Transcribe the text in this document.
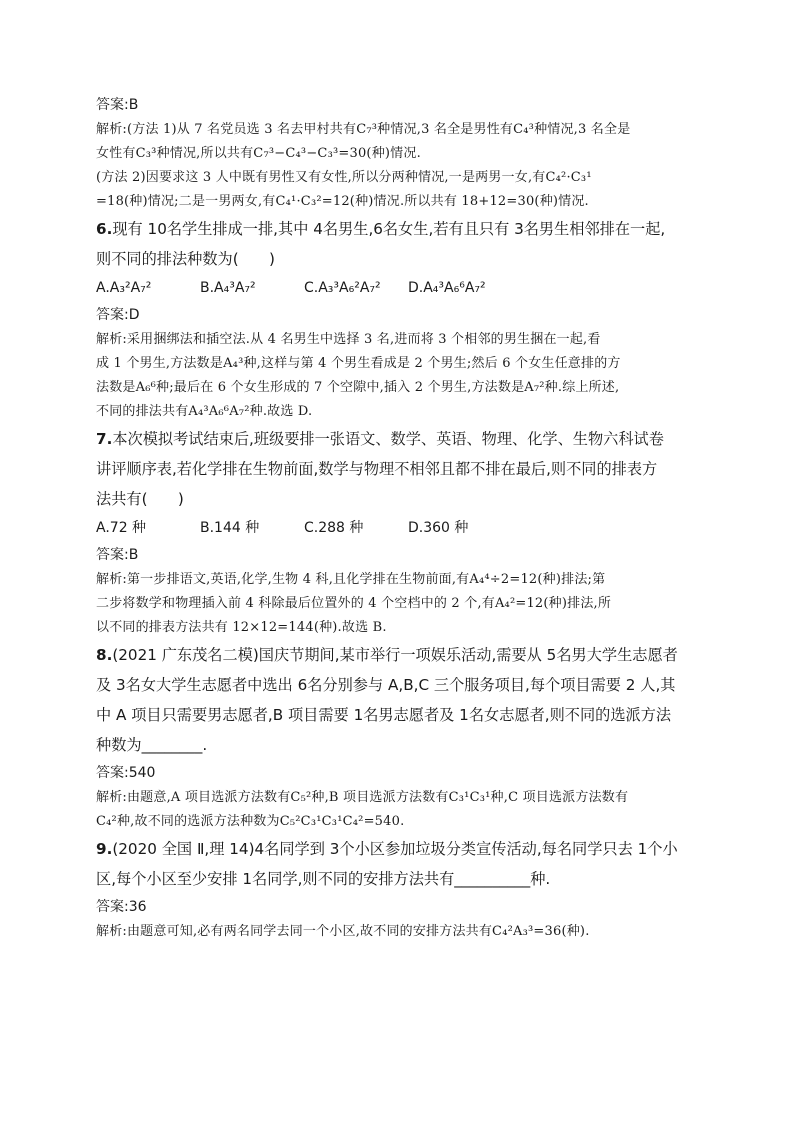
答案:B
解析:(方法 1)从 7 名党员选 3 名去甲村共有C₇³种情况,3 名全是男性有C₄³种情况,3 名全是
女性有C₃³种情况,所以共有C₇³−C₄³−C₃³=30(种)情况.
(方法 2)因要求这 3 人中既有男性又有女性,所以分两种情况,一是两男一女,有C₄²·C₃¹
=18(种)情况;二是一男两女,有C₄¹·C₃²=12(种)情况.所以共有 18+12=30(种)情况.
6.现有 10名学生排成一排,其中 4名男生,6名女生,若有且只有 3名男生相邻排在一起,
则不同的排法种数为(　　)
A.A₃²A₇²	B.A₄³A₇²	C.A₃³A₆²A₇² D.A₄³A₆⁶A₇²
答案:D
解析:采用捆绑法和插空法.从 4 名男生中选择 3 名,进而将 3 个相邻的男生捆在一起,看
成 1 个男生,方法数是A₄³种,这样与第 4 个男生看成是 2 个男生;然后 6 个女生任意排的方
法数是A₆⁶种;最后在 6 个女生形成的 7 个空隙中,插入 2 个男生,方法数是A₇²种.综上所述,
不同的排法共有A₄³A₆⁶A₇²种.故选 D.
7.本次模拟考试结束后,班级要排一张语文、数学、英语、物理、化学、生物六科试卷
讲评顺序表,若化学排在生物前面,数学与物理不相邻且都不排在最后,则不同的排表方
法共有(　　)
A.72 种	B.144 种	C.288 种	D.360 种
答案:B
解析:第一步排语文,英语,化学,生物 4 科,且化学排在生物前面,有A₄⁴÷2=12(种)排法;第
二步将数学和物理插入前 4 科除最后位置外的 4 个空档中的 2 个,有A₄²=12(种)排法,所
以不同的排表方法共有 12×12=144(种).故选 B.
8.(2021 广东茂名二模)国庆节期间,某市举行一项娱乐活动,需要从 5名男大学生志愿者
及 3名女大学生志愿者中选出 6名分别参与 A,B,C 三个服务项目,每个项目需要 2 人,其
中 A 项目只需要男志愿者,B 项目需要 1名男志愿者及 1名女志愿者,则不同的选派方法
种数为________.
答案:540
解析:由题意,A 项目选派方法数有C₅²种,B 项目选派方法数有C₃¹C₃¹种,C 项目选派方法数有
C₄²种,故不同的选派方法种数为C₅²C₃¹C₃¹C₄²=540.
9.(2020 全国 Ⅱ,理 14)4名同学到 3个小区参加垃圾分类宣传活动,每名同学只去 1个小
区,每个小区至少安排 1名同学,则不同的安排方法共有__________种.
答案:36
解析:由题意可知,必有两名同学去同一个小区,故不同的安排方法共有C₄²A₃³=36(种).
